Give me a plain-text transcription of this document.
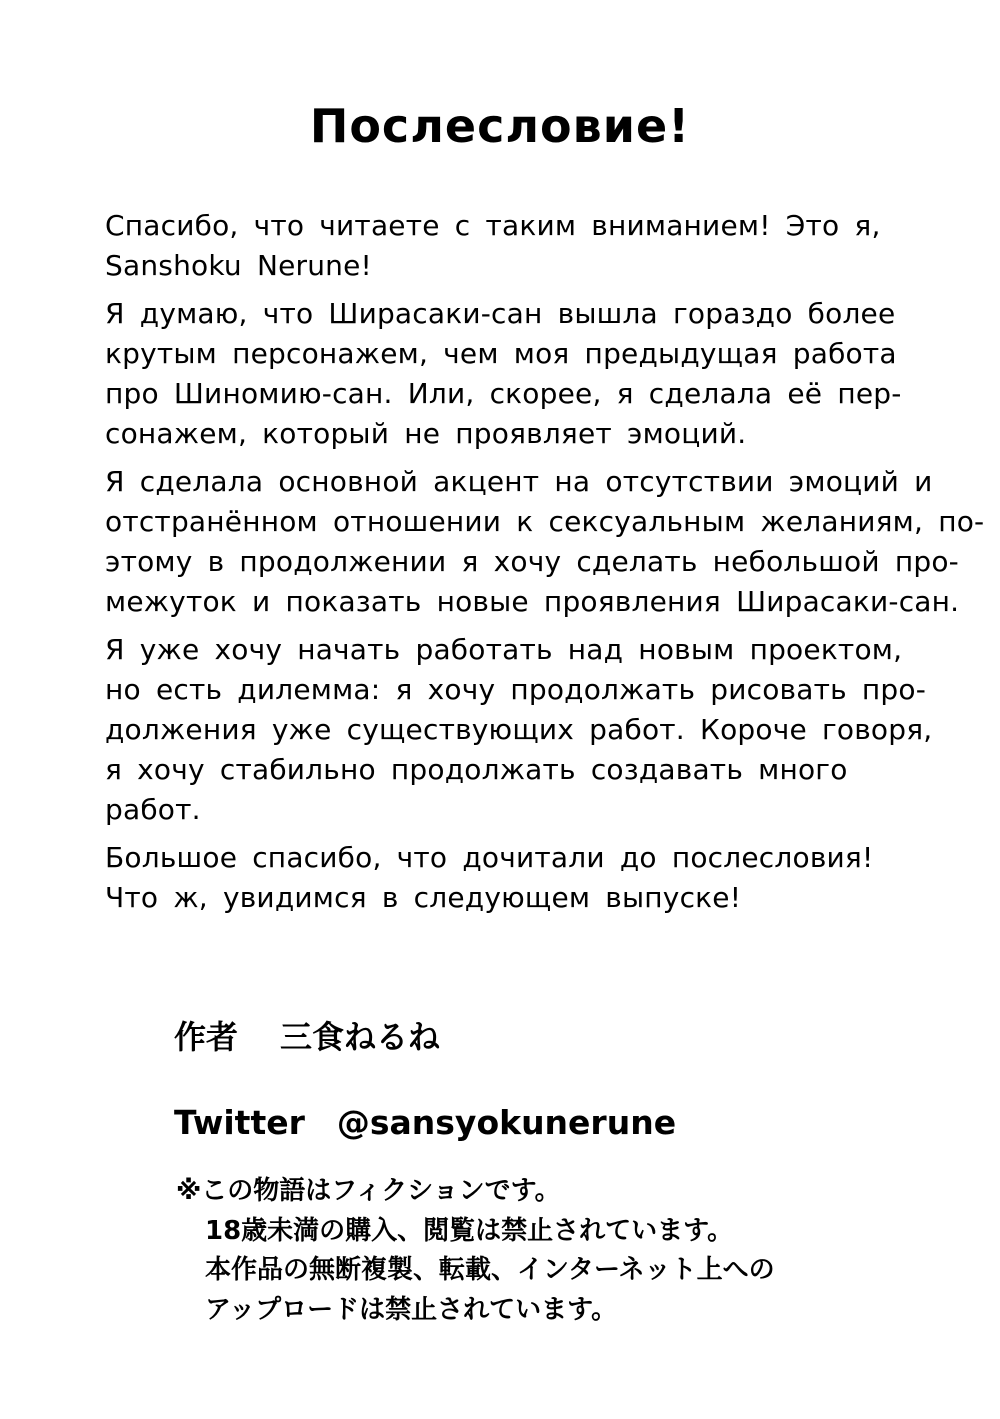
Послесловие!
Спасибо, что читаете с таким вниманием! Это я,
Sanshoku Nerune!
Я думаю, что Ширасаки-сан вышла гораздо более
крутым персонажем, чем моя предыдущая работа
про Шиномию-сан. Или, скорее, я сделала её пер-
сонажем, который не проявляет эмоций.
Я сделала основной акцент на отсутствии эмоций и
отстранённом отношении к сексуальным желаниям, по-
этому в продолжении я хочу сделать небольшой про-
межуток и показать новые проявления Ширасаки-сан.
Я уже хочу начать работать над новым проектом,
но есть дилемма: я хочу продолжать рисовать про-
должения уже существующих работ. Короче говоря,
я хочу стабильно продолжать создавать много
работ.
Большое спасибо, что дочитали до послесловия!
Что ж, увидимся в следующем выпуске!
作者 三食ねるね
Twitter @sansyokunerune
※この物語はフィクションです。
18歳未満の購入、閲覧は禁止されています。
本作品の無断複製、転載、インターネット上への
アップロードは禁止されています。
